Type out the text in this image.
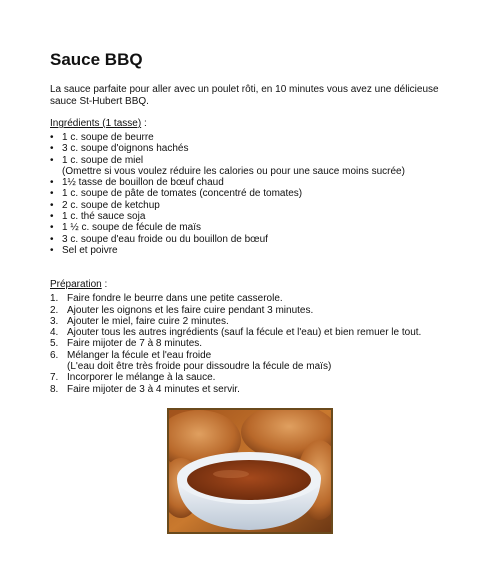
Sauce BBQ

La sauce parfaite pour aller avec un poulet rôti, en 10 minutes vous avez une délicieuse sauce St-Hubert BBQ.

Ingrédients (1 tasse) :
• 1 c. soupe de beurre
• 3 c. soupe d'oignons hachés
• 1 c. soupe de miel
(Omettre si vous voulez réduire les calories ou pour une sauce moins sucrée)
• 1½ tasse de bouillon de bœuf chaud
• 1 c. soupe de pâte de tomates (concentré de tomates)
• 2 c. soupe de ketchup
• 1 c. thé sauce soja
• 1 ½ c. soupe de fécule de maïs
• 3 c. soupe d'eau froide ou du bouillon de bœuf
• Sel et poivre
Préparation :
1. Faire fondre le beurre dans une petite casserole.
2. Ajouter les oignons et les faire cuire pendant 3 minutes.
3. Ajouter le miel, faire cuire 2 minutes.
4. Ajouter tous les autres ingrédients (sauf la fécule et l'eau) et bien remuer le tout.
5. Faire mijoter de 7 à 8 minutes.
6. Mélanger la fécule et l'eau froide
(L'eau doit être très froide pour dissoudre la fécule de maïs)
7. Incorporer le mélange à la sauce.
8. Faire mijoter de 3 à 4 minutes et servir.
